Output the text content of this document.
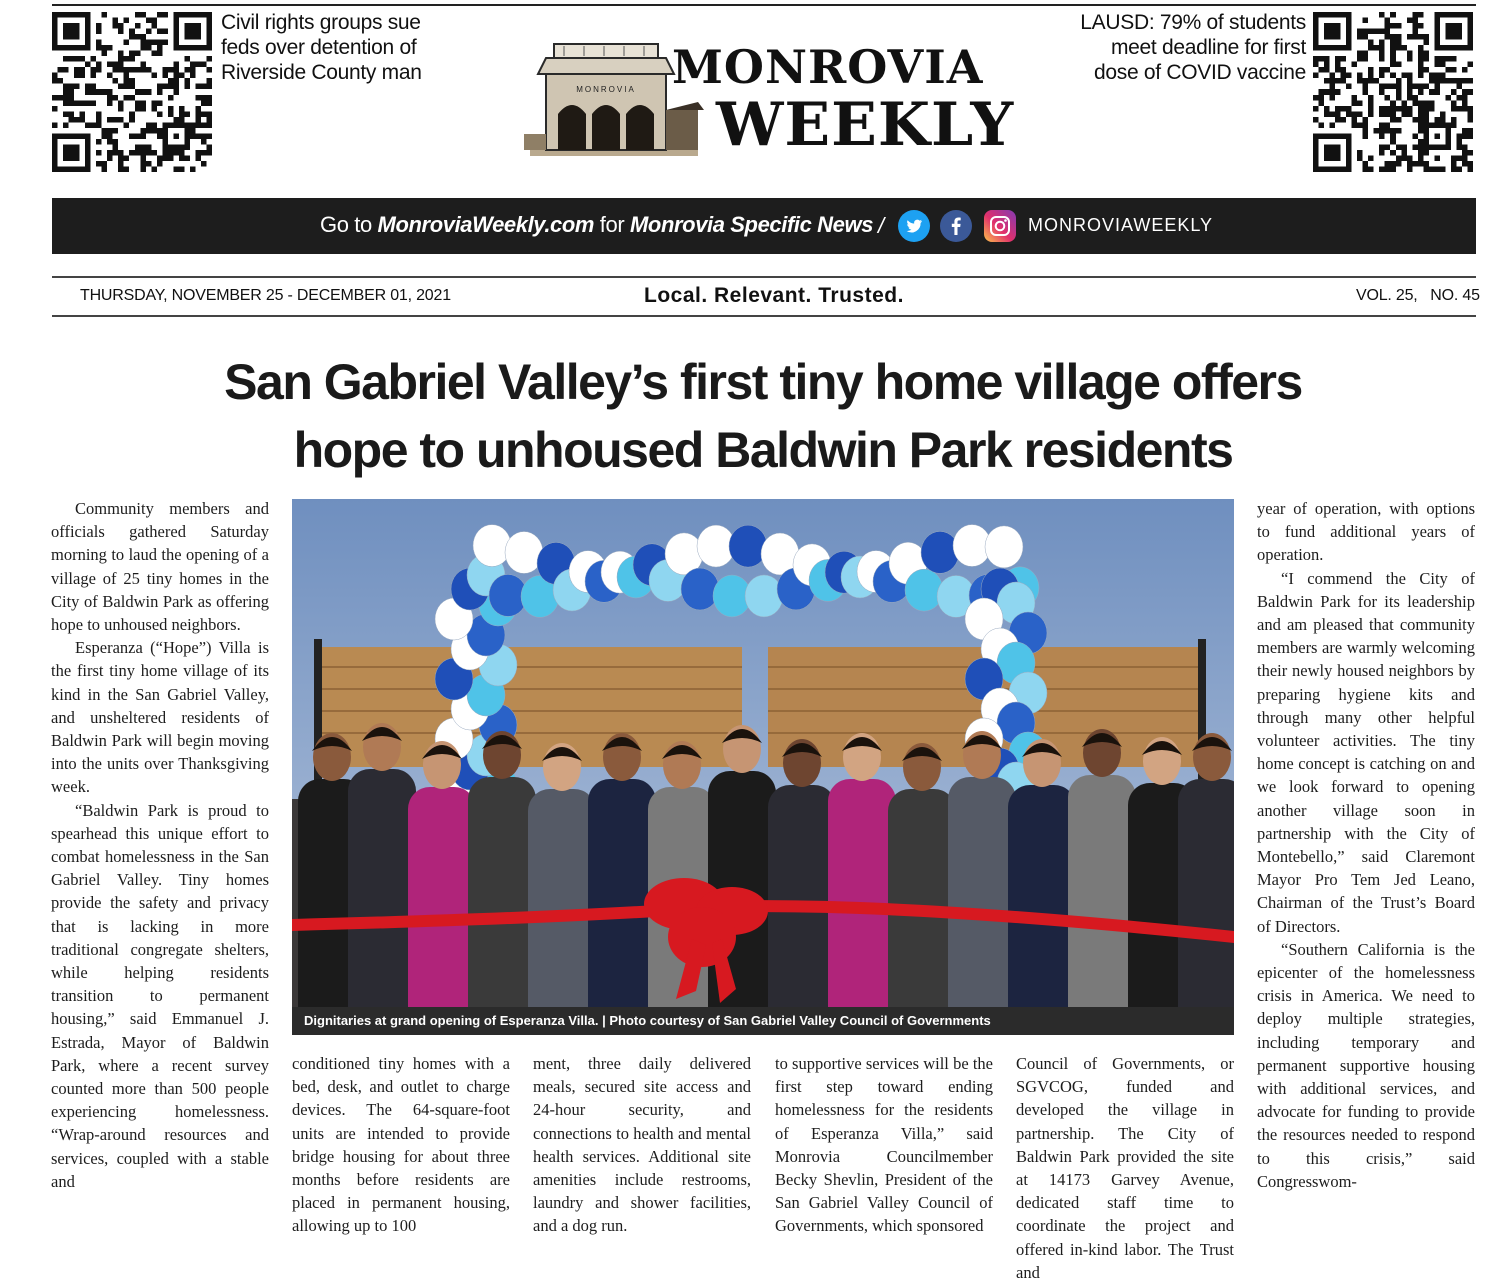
Civil rights groups sue feds over detention of Riverside County man
MONROVIA MONROVIA
WEEKLY
LAUSD: 79% of students meet deadline for first dose of COVID vaccine
Go to MonroviaWeekly.com for Monrovia Specific News /	MONROVIAWEEKLY
THURSDAY, NOVEMBER 25 - DECEMBER 01, 2021	Local. Relevant. Trusted.	VOL. 25,   NO. 45
San Gabriel Valley’s first tiny home village offers
hope to unhoused Baldwin Park residents

Community members and officials gathered Saturday morning to laud the opening of a village of 25 tiny homes in the City of Baldwin Park as offering hope to unhoused neighbors.

Esperanza (“Hope”) Villa is the first tiny home village of its kind in the San Gabriel Valley, and unsheltered residents of Baldwin Park will begin moving into the units over Thanksgiving week.

“Baldwin Park is proud to spearhead this unique effort to combat homelessness in the San Gabriel Valley. Tiny homes provide the safety and privacy that is lacking in more traditional congregate shelters, while helping residents transition to permanent housing,” said Emmanuel J. Estrada, Mayor of Baldwin Park, where a recent survey counted more than 500 people experiencing homelessness. “Wrap-around resources and services, coupled with a stable and

Dignitaries at grand opening of Esperanza Villa. | Photo courtesy of San Gabriel Valley Council of Governments

conditioned tiny homes with a bed, desk, and outlet to charge devices. The 64-square-foot units are intended to provide bridge housing for about three months before residents are placed in permanent housing, allowing up to 100

ment, three daily delivered meals, secured site access and 24-hour security, and connections to health and mental health services. Additional site amenities include restrooms, laundry and shower facilities, and a dog run.

to supportive services will be the first step toward ending homelessness for the residents of Esperanza Villa,” said Monrovia Councilmember Becky Shevlin, President of the San Gabriel Valley Council of Governments, which sponsored

Council of Governments, or SGVCOG, funded and developed the village in partnership. The City of Baldwin Park provided the site at 14173 Garvey Avenue, dedicated staff time to coordinate the project and offered in-kind labor. The Trust and

year of operation, with options to fund additional years of operation.

“I commend the City of Baldwin Park for its leadership and am pleased that community members are warmly welcoming their newly housed neighbors by preparing hygiene kits and through many other helpful volunteer activities. The tiny home concept is catching on and we look forward to opening another village soon in partnership with the City of Montebello,” said Claremont Mayor Pro Tem Jed Leano, Chairman of the Trust’s Board of Directors.

“Southern California is the epicenter of the homelessness crisis in America. We need to deploy multiple strategies, including temporary and permanent supportive housing with additional services, and advocate for funding to provide the resources needed to respond to this crisis,” said Congresswom-
